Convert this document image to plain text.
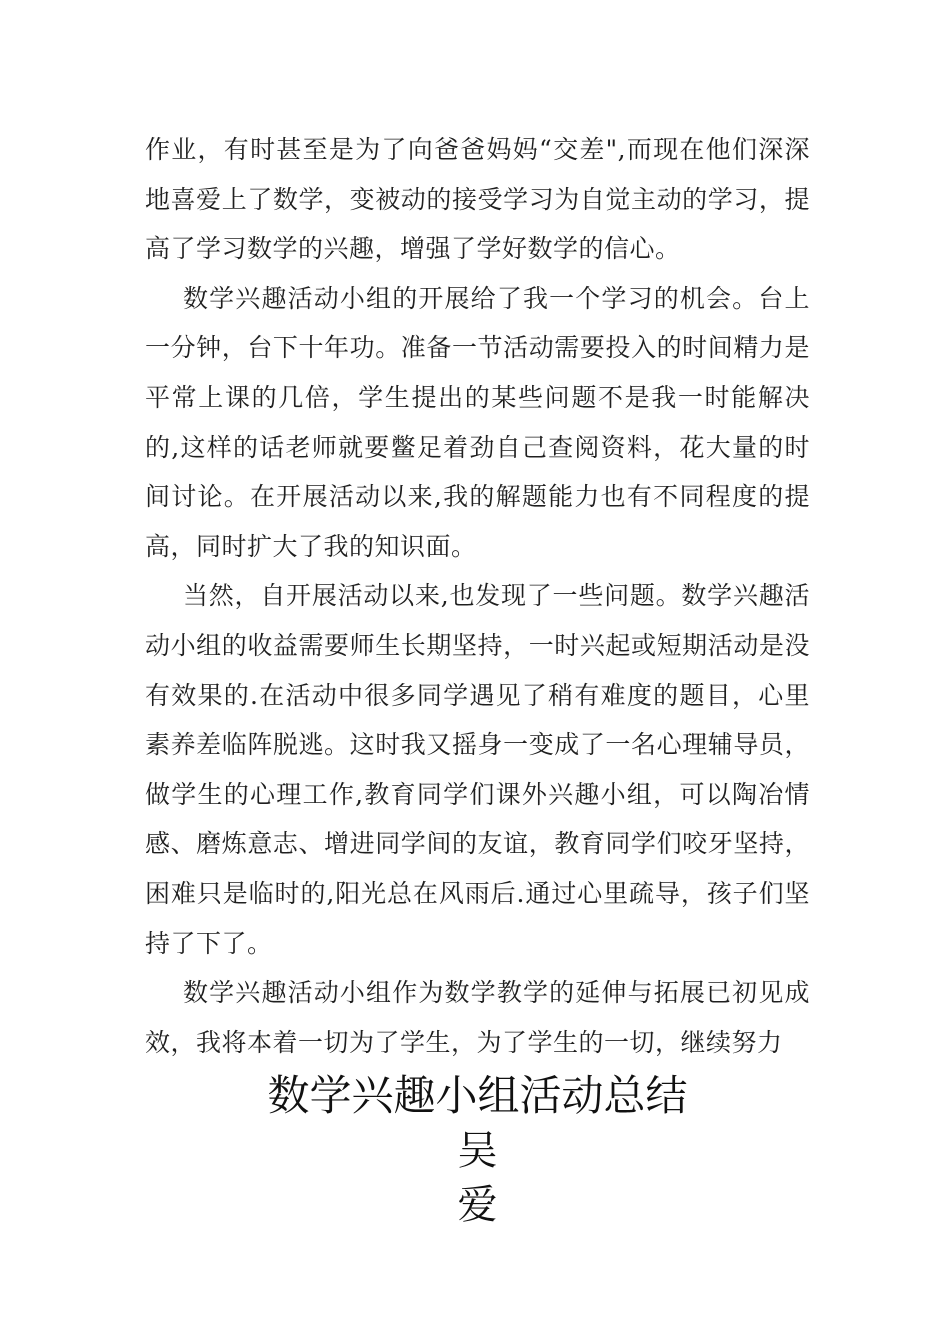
作业，有时甚至是为了向爸爸妈妈“交差",而现在他们深深地喜爱上了数学，变被动的接受学习为自觉主动的学习，提高了学习数学的兴趣，增强了学好数学的信心。

数学兴趣活动小组的开展给了我一个学习的机会。台上一分钟，台下十年功。准备一节活动需要投入的时间精力是平常上课的几倍，学生提出的某些问题不是我一时能解决的,这样的话老师就要鳖足着劲自己查阅资料，花大量的时间讨论。在开展活动以来,我的解题能力也有不同程度的提高，同时扩大了我的知识面。

当然，自开展活动以来,也发现了一些问题。数学兴趣活动小组的收益需要师生长期坚持，一时兴起或短期活动是没有效果的.在活动中很多同学遇见了稍有难度的题目，心里素养差临阵脱逃。这时我又摇身一变成了一名心理辅导员，做学生的心理工作,教育同学们课外兴趣小组，可以陶冶情感、磨炼意志、增进同学间的友谊，教育同学们咬牙坚持，困难只是临时的,阳光总在风雨后.通过心里疏导，孩子们坚持了下了。

数学兴趣活动小组作为数学教学的延伸与拓展已初见成效，我将本着一切为了学生，为了学生的一切，继续努力

数学兴趣小组活动总结
吴
爱
